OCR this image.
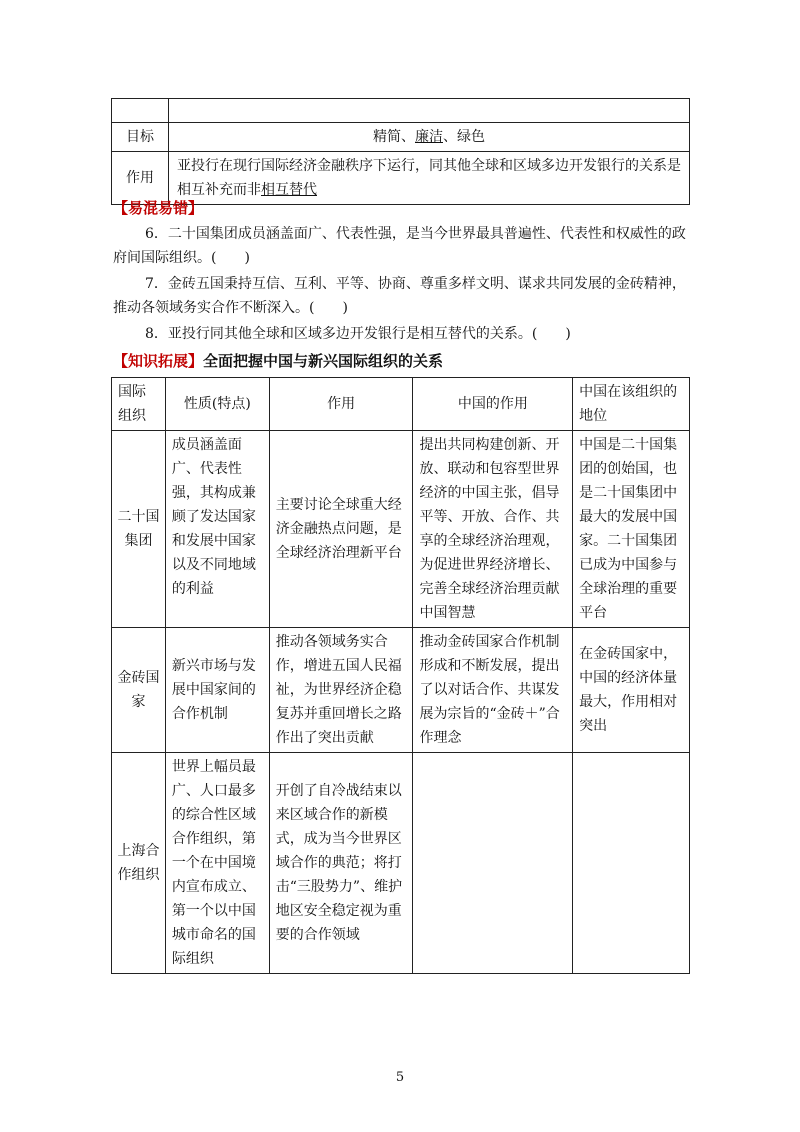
目标	精简、廉洁、绿色
作用	亚投行在现行国际经济金融秩序下运行，同其他全球和区域多边开发银行的关系是相互补充而非相互替代
【易混易错】
6．二十国集团成员涵盖面广、代表性强，是当今世界最具普遍性、代表性和权威性的政府间国际组织。(　　)
7．金砖五国秉持互信、互利、平等、协商、尊重多样文明、谋求共同发展的金砖精神，推动各领域务实合作不断深入。(　　)
8．亚投行同其他全球和区域多边开发银行是相互替代的关系。(　　)
【知识拓展】全面把握中国与新兴国际组织的关系
国际组织	性质(特点)	作用	中国的作用	中国在该组织的地位
二十国集团	成员涵盖面广、代表性强，其构成兼顾了发达国家和发展中国家以及不同地域的利益	主要讨论全球重大经济金融热点问题，是全球经济治理新平台	提出共同构建创新、开放、联动和包容型世界经济的中国主张，倡导平等、开放、合作、共享的全球经济治理观，为促进世界经济增长、完善全球经济治理贡献中国智慧	中国是二十国集团的创始国，也是二十国集团中最大的发展中国家。二十国集团已成为中国参与全球治理的重要平台
金砖国家	新兴市场与发展中国家间的合作机制	推动各领域务实合作，增进五国人民福祉，为世界经济企稳复苏并重回增长之路作出了突出贡献	推动金砖国家合作机制形成和不断发展，提出了以对话合作、共谋发展为宗旨的“金砖＋”合作理念	在金砖国家中，中国的经济体量最大，作用相对突出
上海合作组织	世界上幅员最广、人口最多的综合性区域合作组织，第一个在中国境内宣布成立、第一个以中国城市命名的国际组织	开创了自冷战结束以来区域合作的新模式，成为当今世界区域合作的典范；将打击“三股势力”、维护地区安全稳定视为重要的合作领域		
5
